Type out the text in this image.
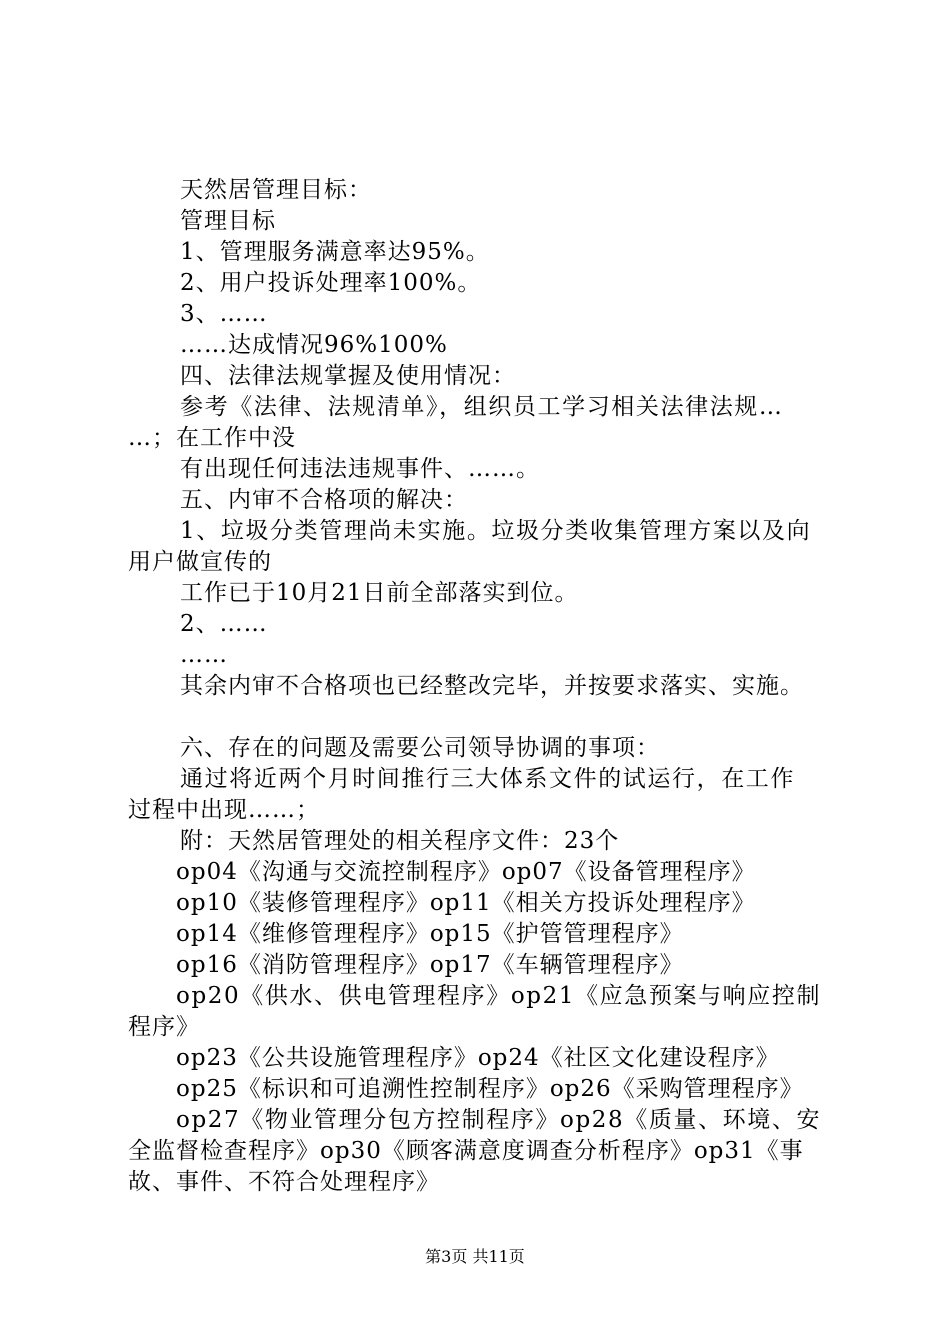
天然居管理目标：
管理目标
1、管理服务满意率达95%。
2、用户投诉处理率100%。
3、……
……达成情况96%100%
四、法律法规掌握及使用情况：
参考《法律、法规清单》，组织员工学习相关法律法规…
…；在工作中没
有出现任何违法违规事件、……。
五、内审不合格项的解决：
1、垃圾分类管理尚未实施。垃圾分类收集管理方案以及向
用户做宣传的
工作已于10月21日前全部落实到位。
2、……
……
其余内审不合格项也已经整改完毕，并按要求落实、实施。
六、存在的问题及需要公司领导协调的事项：
通过将近两个月时间推行三大体系文件的试运行，在工作
过程中出现……；
附：天然居管理处的相关程序文件：23个
op04《沟通与交流控制程序》op07《设备管理程序》
op10《装修管理程序》op11《相关方投诉处理程序》
op14《维修管理程序》op15《护管管理程序》
op16《消防管理程序》op17《车辆管理程序》
op20《供水、供电管理程序》op21《应急预案与响应控制
程序》
op23《公共设施管理程序》op24《社区文化建设程序》
op25《标识和可追溯性控制程序》op26《采购管理程序》
op27《物业管理分包方控制程序》op28《质量、环境、安
全监督检查程序》op30《顾客满意度调查分析程序》op31《事
故、事件、不符合处理程序》
第3页 共11页
